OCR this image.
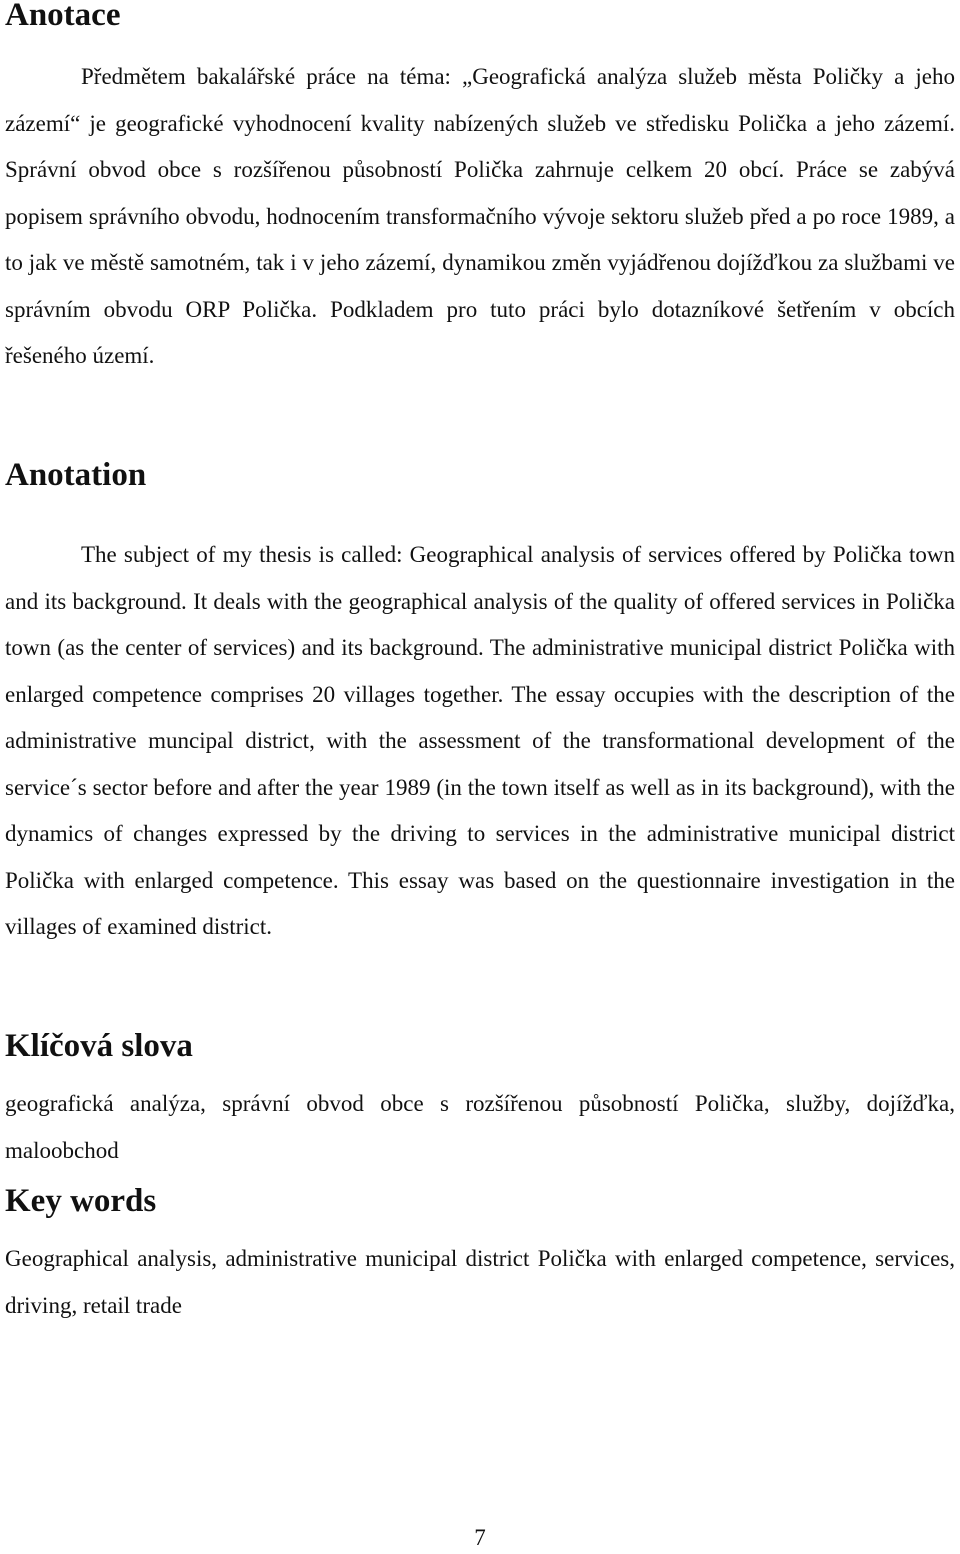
Anotace

Předmětem bakalářské práce na téma: „Geografická analýza služeb města Poličky a jeho zázemí“ je geografické vyhodnocení kvality nabízených služeb ve středisku Polička a jeho zázemí. Správní obvod obce s rozšířenou působností Polička zahrnuje celkem 20 obcí. Práce se zabývá popisem správního obvodu, hodnocením transformačního vývoje sektoru služeb před a po roce 1989, a to jak ve městě samotném, tak i v jeho zázemí, dynamikou změn vyjádřenou dojížďkou za službami ve správním obvodu ORP Polička. Podkladem pro tuto práci bylo dotazníkové šetřením v obcích řešeného území.

Anotation

The subject of my thesis is called: Geographical analysis of services offered by Polička town and its background. It deals with the geographical analysis of the quality of offered services in Polička town (as the center of services) and its background. The administrative municipal district Polička with enlarged competence comprises 20 villages together. The essay occupies with the description of the administrative muncipal district, with the assessment of the transformational development of the service´s sector before and after the year 1989 (in the town itself as well as in its background), with the dynamics of changes expressed by the driving to services in the administrative municipal district Polička with enlarged competence. This essay was based on the questionnaire investigation in the villages of examined district.

Klíčová slova

geografická analýza, správní obvod obce s rozšířenou působností Polička, služby, dojížďka, maloobchod

Key words

Geographical analysis, administrative municipal district Polička with enlarged competence, services, driving, retail trade

7
